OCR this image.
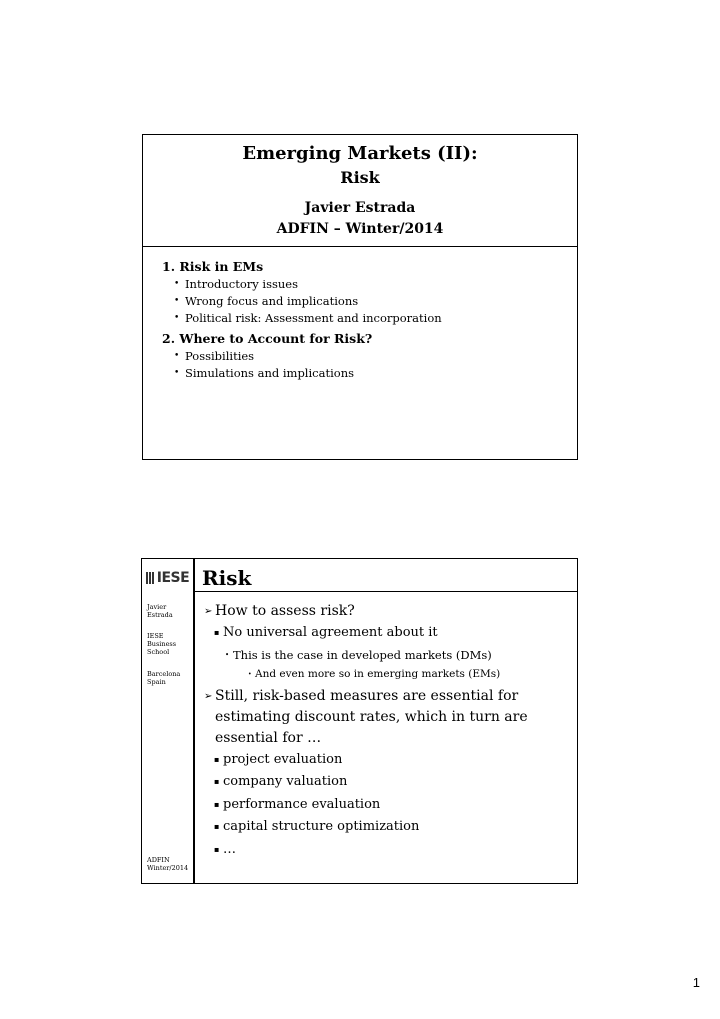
Emerging Markets (II):
Risk
Javier Estrada
ADFIN – Winter/2014
1. Risk in EMs
• Introductory issues
• Wrong focus and implications
• Political risk: Assessment and incorporation
2. Where to Account for Risk?
• Possibilities
• Simulations and implications
IESE Risk
Javier
Estrada
IESE
Business
School
Barcelona
Spain
ADFIN
Winter/2014
➢ How to assess risk?
▪ No universal agreement about it
• This is the case in developed markets (DMs)
• And even more so in emerging markets (EMs)
➢ Still, risk-based measures are essential for
estimating discount rates, which in turn are
essential for …
▪ project evaluation
▪ company valuation
▪ performance evaluation
▪ capital structure optimization
▪ …
1
